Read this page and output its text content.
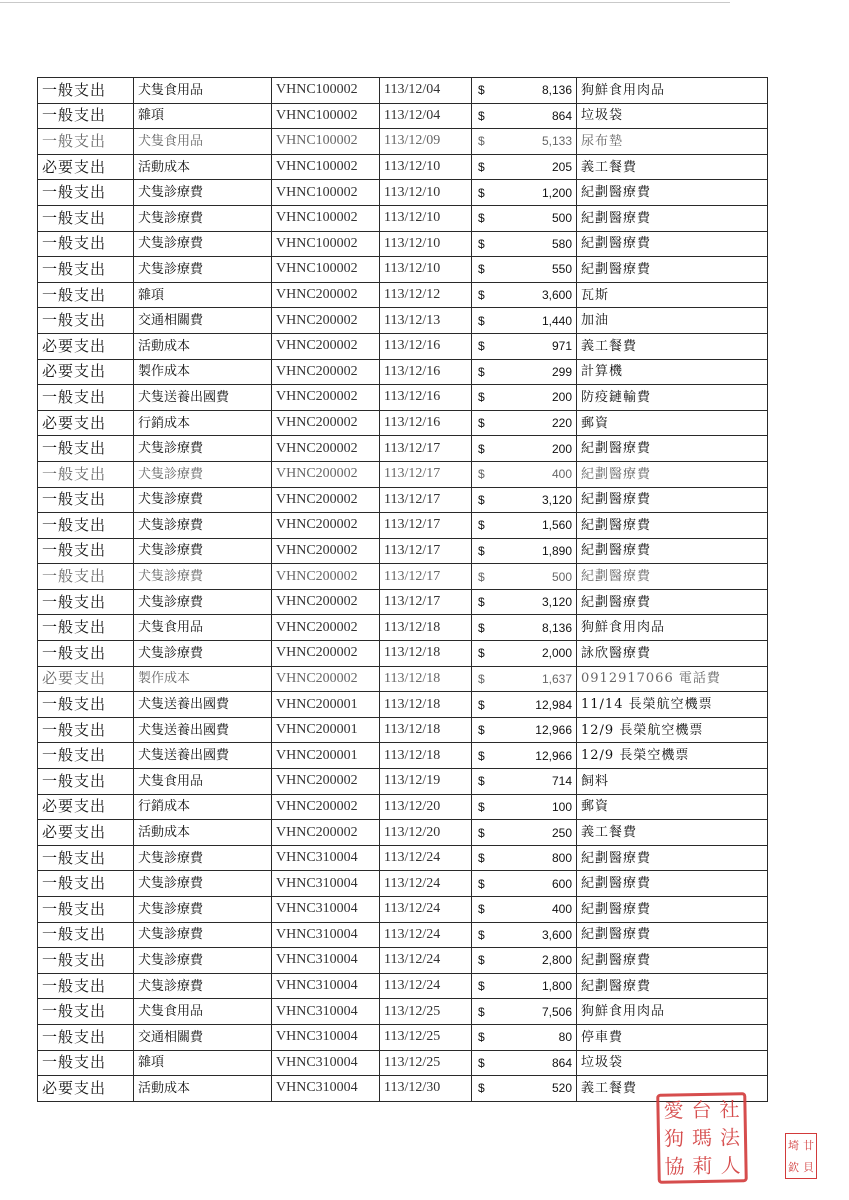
一般支出	犬隻食用品	VHNC100002	113/12/04	$ 8,136	狗鮮食用肉品
一般支出	雜項	VHNC100002	113/12/04	$ 864	垃圾袋
一般支出	犬隻食用品	VHNC100002	113/12/09	$ 5,133	尿布墊
必要支出	活動成本	VHNC100002	113/12/10	$ 205	義工餐費
一般支出	犬隻診療費	VHNC100002	113/12/10	$ 1,200	紀劃醫療費
一般支出	犬隻診療費	VHNC100002	113/12/10	$ 500	紀劃醫療費
一般支出	犬隻診療費	VHNC100002	113/12/10	$ 580	紀劃醫療費
一般支出	犬隻診療費	VHNC100002	113/12/10	$ 550	紀劃醫療費
一般支出	雜項	VHNC200002	113/12/12	$ 3,600	瓦斯
一般支出	交通相關費	VHNC200002	113/12/13	$ 1,440	加油
必要支出	活動成本	VHNC200002	113/12/16	$ 971	義工餐費
必要支出	製作成本	VHNC200002	113/12/16	$ 299	計算機
一般支出	犬隻送養出國費	VHNC200002	113/12/16	$ 200	防疫鏈輸費
必要支出	行銷成本	VHNC200002	113/12/16	$ 220	郵資
一般支出	犬隻診療費	VHNC200002	113/12/17	$ 200	紀劃醫療費
一般支出	犬隻診療費	VHNC200002	113/12/17	$ 400	紀劃醫療費
一般支出	犬隻診療費	VHNC200002	113/12/17	$ 3,120	紀劃醫療費
一般支出	犬隻診療費	VHNC200002	113/12/17	$ 1,560	紀劃醫療費
一般支出	犬隻診療費	VHNC200002	113/12/17	$ 1,890	紀劃醫療費
一般支出	犬隻診療費	VHNC200002	113/12/17	$ 500	紀劃醫療費
一般支出	犬隻診療費	VHNC200002	113/12/17	$ 3,120	紀劃醫療費
一般支出	犬隻食用品	VHNC200002	113/12/18	$ 8,136	狗鮮食用肉品
一般支出	犬隻診療費	VHNC200002	113/12/18	$ 2,000	詠欣醫療費
必要支出	製作成本	VHNC200002	113/12/18	$ 1,637	0912917066 電話費
一般支出	犬隻送養出國費	VHNC200001	113/12/18	$ 12,984	11/14 長榮航空機票
一般支出	犬隻送養出國費	VHNC200001	113/12/18	$ 12,966	12/9 長榮航空機票
一般支出	犬隻送養出國費	VHNC200001	113/12/18	$ 12,966	12/9 長榮空機票
一般支出	犬隻食用品	VHNC200002	113/12/19	$ 714	飼料
必要支出	行銷成本	VHNC200002	113/12/20	$ 100	郵資
必要支出	活動成本	VHNC200002	113/12/20	$ 250	義工餐費
一般支出	犬隻診療費	VHNC310004	113/12/24	$ 800	紀劃醫療費
一般支出	犬隻診療費	VHNC310004	113/12/24	$ 600	紀劃醫療費
一般支出	犬隻診療費	VHNC310004	113/12/24	$ 400	紀劃醫療費
一般支出	犬隻診療費	VHNC310004	113/12/24	$ 3,600	紀劃醫療費
一般支出	犬隻診療費	VHNC310004	113/12/24	$ 2,800	紀劃醫療費
一般支出	犬隻診療費	VHNC310004	113/12/24	$ 1,800	紀劃醫療費
一般支出	犬隻食用品	VHNC310004	113/12/25	$ 7,506	狗鮮食用肉品
一般支出	交通相關費	VHNC310004	113/12/25	$ 80	停車費
一般支出	雜項	VHNC310004	113/12/25	$ 864	垃圾袋
必要支出	活動成本	VHNC310004	113/12/30	$ 520	義工餐費
愛 台 社
狗 瑪 法
協 莉 人
埼 廿
欽 貝
